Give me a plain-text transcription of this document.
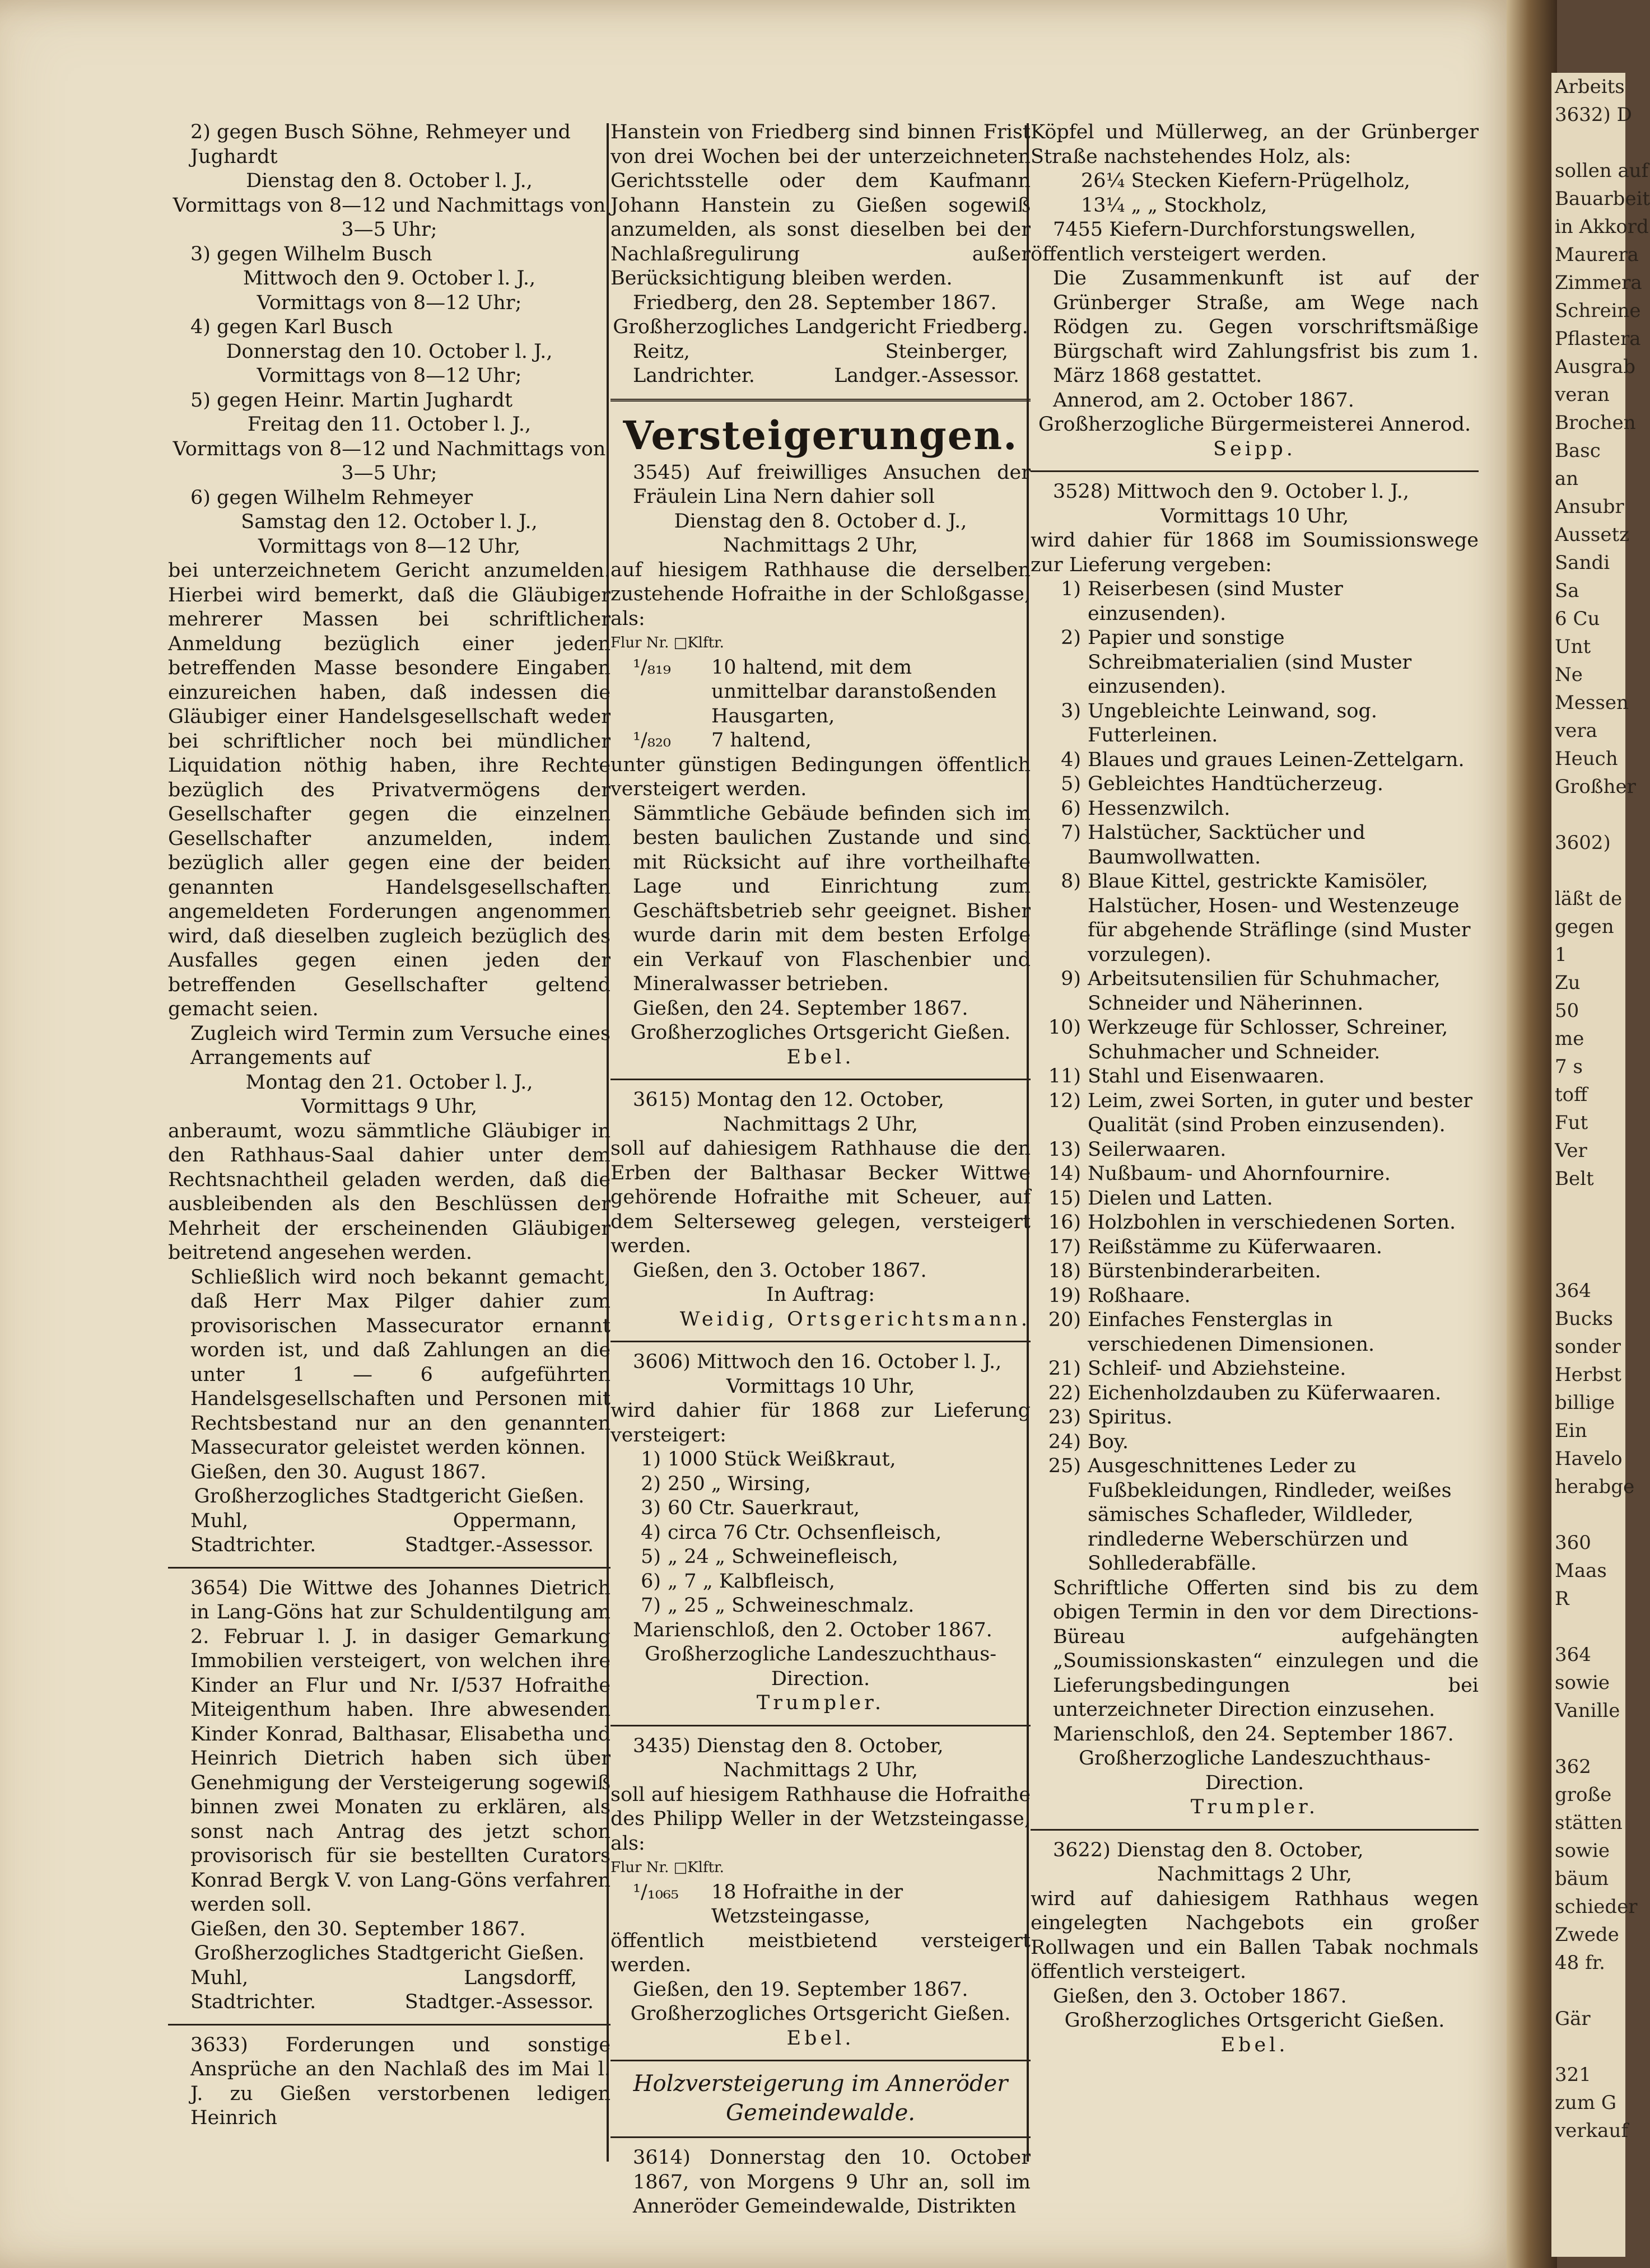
Arbeits
3632) D

sollen auf
Bauarbeit
in Akkord
Maurera
Zimmera
Schreine
Pflastera
Ausgrab
veran
Brochen
Basc
an
Ansubr
Aussetz
Sandi
Sa
6 Cu
Unt
Ne
Messen
vera
Heuch
Großher

3602)

läßt de
gegen
1
Zu
50
me
7 s
toff
Fut
Ver
Belt

364
Bucks
sonder
Herbst
billige
Ein
Havelo
herabge

360
Maas
R

364
sowie
Vanille

362
große
stätten
sowie
bäum
schieder
Zwede
48 fr.

Gär

321
zum G
verkauf
2) gegen Busch Söhne, Rehmeyer und Jughardt
Dienstag den 8. October l. J.,
Vormittags von 8—12 und Nachmittags von 3—5 Uhr;
3) gegen Wilhelm Busch
Mittwoch den 9. October l. J.,
Vormittags von 8—12 Uhr;
4) gegen Karl Busch
Donnerstag den 10. October l. J.,
Vormittags von 8—12 Uhr;
5) gegen Heinr. Martin Jughardt
Freitag den 11. October l. J.,
Vormittags von 8—12 und Nachmittags von 3—5 Uhr;
6) gegen Wilhelm Rehmeyer
Samstag den 12. October l. J.,
Vormittags von 8—12 Uhr,
bei unterzeichnetem Gericht anzumelden. Hierbei wird bemerkt, daß die Gläubiger mehrerer Massen bei schriftlicher Anmeldung bezüglich einer jeden betreffenden Masse besondere Eingaben einzureichen haben, daß indessen die Gläubiger einer Handelsgesellschaft weder bei schriftlicher noch bei mündlicher Liquidation nöthig haben, ihre Rechte bezüglich des Privatvermögens der Gesellschafter gegen die einzelnen Gesellschafter anzumelden, indem bezüglich aller gegen eine der beiden genannten Handelsgesellschaften angemeldeten Forderungen angenommen wird, daß dieselben zugleich bezüglich des Ausfalles gegen einen jeden der betreffenden Gesellschafter geltend gemacht seien.
Zugleich wird Termin zum Versuche eines Arrangements auf
Montag den 21. October l. J.,
Vormittags 9 Uhr,
anberaumt, wozu sämmtliche Gläubiger in den Rathhaus-Saal dahier unter dem Rechtsnachtheil geladen werden, daß die ausbleibenden als den Beschlüssen der Mehrheit der erscheinenden Gläubiger beitretend angesehen werden.
Schließlich wird noch bekannt gemacht, daß Herr Max Pilger dahier zum provisorischen Massecurator ernannt worden ist, und daß Zahlungen an die unter 1 — 6 aufgeführten Handelsgesellschaften und Personen mit Rechtsbestand nur an den genannten Massecurator geleistet werden können.
Gießen, den 30. August 1867.
Großherzogliches Stadtgericht Gießen.
Muhl,	Oppermann,
Stadtrichter.	Stadtger.-Assessor.
3654) Die Wittwe des Johannes Dietrich in Lang-Göns hat zur Schuldentilgung am 2. Februar l. J. in dasiger Gemarkung Immobilien versteigert, von welchen ihre Kinder an Flur und Nr. I/537 Hofraithe Miteigenthum haben. Ihre abwesenden Kinder Konrad, Balthasar, Elisabetha und Heinrich Dietrich haben sich über Genehmigung der Versteigerung sogewiß binnen zwei Monaten zu erklären, als sonst nach Antrag des jetzt schon provisorisch für sie bestellten Curators Konrad Bergk V. von Lang-Göns verfahren werden soll.
Gießen, den 30. September 1867.
Großherzogliches Stadtgericht Gießen.
Muhl,	Langsdorff,
Stadtrichter.	Stadtger.-Assessor.
3633) Forderungen und sonstige Ansprüche an den Nachlaß des im Mai l. J. zu Gießen verstorbenen ledigen Heinrich
Hanstein von Friedberg sind binnen Frist von drei Wochen bei der unterzeichneten Gerichtsstelle oder dem Kaufmann Johann Hanstein zu Gießen sogewiß anzumelden, als sonst dieselben bei der Nachlaßregulirung außer Berücksichtigung bleiben werden.
Friedberg, den 28. September 1867.
Großherzogliches Landgericht Friedberg.
Reitz,	Steinberger,
Landrichter.	Landger.-Assessor.
Versteigerungen.
3545) Auf freiwilliges Ansuchen der Fräulein Lina Nern dahier soll
Dienstag den 8. October d. J.,
Nachmittags 2 Uhr,
auf hiesigem Rathhause die derselben zustehende Hofraithe in der Schloßgasse, als:
Flur Nr. □Klftr.
¹/₈₁₉	10 haltend, mit dem unmittelbar daranstoßenden Hausgarten,
¹/₈₂₀	7 haltend,
unter günstigen Bedingungen öffentlich versteigert werden.
Sämmtliche Gebäude befinden sich im besten baulichen Zustande und sind mit Rücksicht auf ihre vortheilhafte Lage und Einrichtung zum Geschäftsbetrieb sehr geeignet. Bisher wurde darin mit dem besten Erfolge ein Verkauf von Flaschenbier und Mineralwasser betrieben.
Gießen, den 24. September 1867.
Großherzogliches Ortsgericht Gießen.
Ebel.
3615) Montag den 12. October,
Nachmittags 2 Uhr,
soll auf dahiesigem Rathhause die den Erben der Balthasar Becker Wittwe gehörende Hofraithe mit Scheuer, auf dem Selterseweg gelegen, versteigert werden.
Gießen, den 3. October 1867.
In Auftrag:
Weidig, Ortsgerichtsmann.
3606) Mittwoch den 16. October l. J.,
Vormittags 10 Uhr,
wird dahier für 1868 zur Lieferung versteigert:
1) 1000 Stück Weißkraut,
2) 250 „ Wirsing,
3) 60 Ctr. Sauerkraut,
4) circa 76 Ctr. Ochsenfleisch,
5) „ 24 „ Schweinefleisch,
6) „ 7 „ Kalbfleisch,
7) „ 25 „ Schweineschmalz.
Marienschloß, den 2. October 1867.
Großherzogliche Landeszuchthaus-Direction.
Trumpler.
3435) Dienstag den 8. October,
Nachmittags 2 Uhr,
soll auf hiesigem Rathhause die Hofraithe des Philipp Weller in der Wetzsteingasse, als:
Flur Nr. □Klftr.
¹/₁₀₆₅	18 Hofraithe in der Wetzsteingasse,
öffentlich meistbietend versteigert werden.
Gießen, den 19. September 1867.
Großherzogliches Ortsgericht Gießen.
Ebel.
Holzversteigerung im Anneröder Gemeindewalde.
3614) Donnerstag den 10. October 1867, von Morgens 9 Uhr an, soll im Anneröder Gemeindewalde, Distrikten
Köpfel und Müllerweg, an der Grünberger Straße nachstehendes Holz, als:
26¼ Stecken Kiefern-Prügelholz,
13¼ „ „ Stockholz,
7455 Kiefern-Durchforstungswellen,
öffentlich versteigert werden.
Die Zusammenkunft ist auf der Grünberger Straße, am Wege nach Rödgen zu. Gegen vorschriftsmäßige Bürgschaft wird Zahlungsfrist bis zum 1. März 1868 gestattet.
Annerod, am 2. October 1867.
Großherzogliche Bürgermeisterei Annerod.
Seipp.
3528) Mittwoch den 9. October l. J.,
Vormittags 10 Uhr,
wird dahier für 1868 im Soumissionswege zur Lieferung vergeben:
1) Reiserbesen (sind Muster einzusenden).
2) Papier und sonstige Schreibmaterialien (sind Muster einzusenden).
3) Ungebleichte Leinwand, sog. Futterleinen.
4) Blaues und graues Leinen-Zettelgarn.
5) Gebleichtes Handtücherzeug.
6) Hessenzwilch.
7) Halstücher, Sacktücher und Baumwollwatten.
8) Blaue Kittel, gestrickte Kamisöler, Halstücher, Hosen- und Westenzeuge für abgehende Sträflinge (sind Muster vorzulegen).
9) Arbeitsutensilien für Schuhmacher, Schneider und Näherinnen.
10) Werkzeuge für Schlosser, Schreiner, Schuhmacher und Schneider.
11) Stahl und Eisenwaaren.
12) Leim, zwei Sorten, in guter und bester Qualität (sind Proben einzusenden).
13) Seilerwaaren.
14) Nußbaum- und Ahornfournire.
15) Dielen und Latten.
16) Holzbohlen in verschiedenen Sorten.
17) Reißstämme zu Küferwaaren.
18) Bürstenbinderarbeiten.
19) Roßhaare.
20) Einfaches Fensterglas in verschiedenen Dimensionen.
21) Schleif- und Abziehsteine.
22) Eichenholzdauben zu Küferwaaren.
23) Spiritus.
24) Boy.
25) Ausgeschnittenes Leder zu Fußbekleidungen, Rindleder, weißes sämisches Schafleder, Wildleder, rindlederne Weberschürzen und Sohllederabfälle.
Schriftliche Offerten sind bis zu dem obigen Termin in den vor dem Directions-Büreau aufgehängten „Soumissionskasten“ einzulegen und die Lieferungsbedingungen bei unterzeichneter Direction einzusehen.
Marienschloß, den 24. September 1867.
Großherzogliche Landeszuchthaus-Direction.
Trumpler.
3622) Dienstag den 8. October,
Nachmittags 2 Uhr,
wird auf dahiesigem Rathhaus wegen eingelegten Nachgebots ein großer Rollwagen und ein Ballen Tabak nochmals öffentlich versteigert.
Gießen, den 3. October 1867.
Großherzogliches Ortsgericht Gießen.
Ebel.
